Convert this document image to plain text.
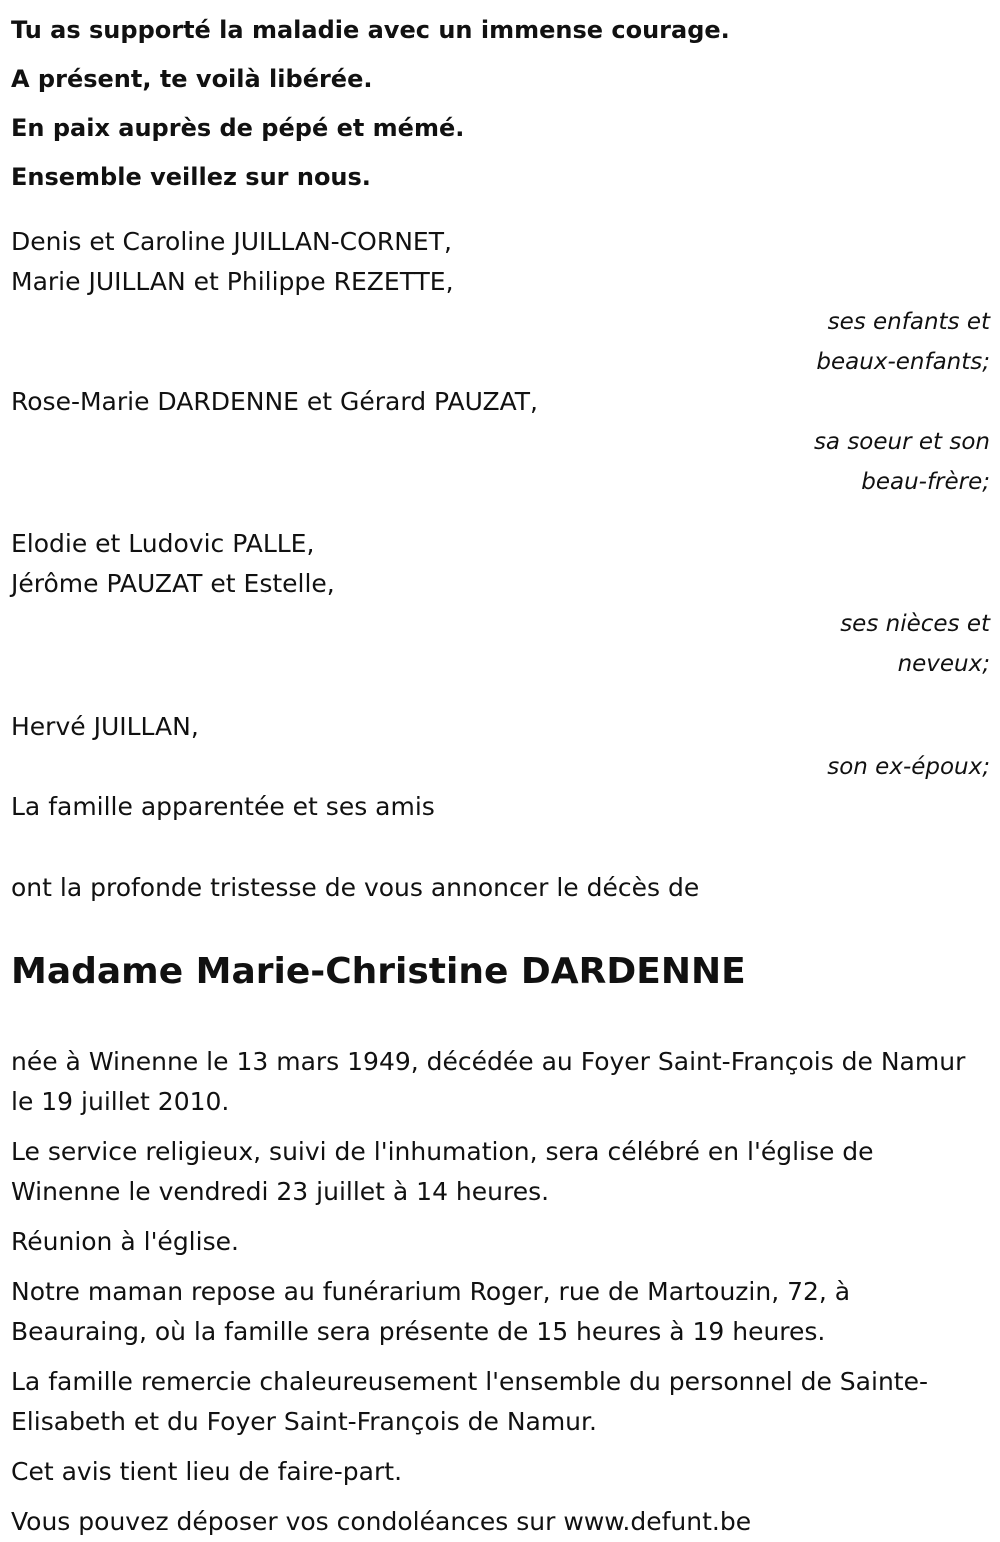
Tu as supporté la maladie avec un immense courage.
A présent, te voilà libérée.
En paix auprès de pépé et mémé.
Ensemble veillez sur nous.
Denis et Caroline JUILLAN-CORNET,
Marie JUILLAN et Philippe REZETTE,
ses enfants et
beaux-enfants;
Rose-Marie DARDENNE et Gérard PAUZAT,
sa soeur et son
beau-frère;
Elodie et Ludovic PALLE,
Jérôme PAUZAT et Estelle,
ses nièces et
neveux;
Hervé JUILLAN,
son ex-époux;
La famille apparentée et ses amis
ont la profonde tristesse de vous annoncer le décès de
Madame Marie-Christine DARDENNE
née à Winenne le 13 mars 1949, décédée au Foyer Saint-François de Namur le 19 juillet 2010.
Le service religieux, suivi de l'inhumation, sera célébré en l'église de Winenne le vendredi 23 juillet à 14 heures.
Réunion à l'église.
Notre maman repose au funérarium Roger, rue de Martouzin, 72, à Beauraing, où la famille sera présente de 15 heures à 19 heures.
La famille remercie chaleureusement l'ensemble du personnel de Sainte-Elisabeth et du Foyer Saint-François de Namur.
Cet avis tient lieu de faire-part.
Vous pouvez déposer vos condoléances sur www.defunt.be
